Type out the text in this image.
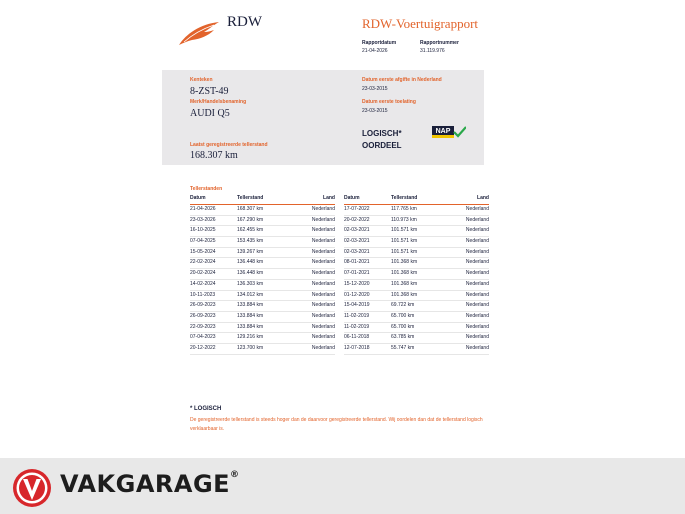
RDW	RDW-Voertuigrapport
Rapportdatum
21-04-2026
Rapportnummer
31.119.976
Kenteken
8-ZST-49
Merk/Handelsbenaming
AUDI Q5
Laatst geregistreerde tellerstand
168.307 km
Datum eerste afgifte in Nederland
23-03-2015
Datum eerste toelating
23-03-2015
LOGISCH*
OORDEEL
NAP
Tellerstanden
Datum	Tellerstand	Land
21-04-2026	168.307 km	Nederland
23-03-2026	167.290 km	Nederland
16-10-2025	162.455 km	Nederland
07-04-2025	153.435 km	Nederland
15-05-2024	139.267 km	Nederland
22-02-2024	136.448 km	Nederland
20-02-2024	136.448 km	Nederland
14-02-2024	136.303 km	Nederland
10-11-2023	134.012 km	Nederland
26-09-2023	133.884 km	Nederland
26-09-2023	133.884 km	Nederland
22-09-2023	133.884 km	Nederland
07-04-2023	129.216 km	Nederland
20-12-2022	123.700 km	Nederland
Datum	Tellerstand	Land
17-07-2022	117.765 km	Nederland
20-02-2022	110.973 km	Nederland
02-03-2021	101.571 km	Nederland
02-03-2021	101.571 km	Nederland
02-03-2021	101.571 km	Nederland
08-01-2021	101.368 km	Nederland
07-01-2021	101.368 km	Nederland
15-12-2020	101.368 km	Nederland
01-12-2020	101.368 km	Nederland
15-04-2019	69.722 km	Nederland
11-02-2019	65.700 km	Nederland
11-02-2019	65.700 km	Nederland
06-11-2018	63.785 km	Nederland
12-07-2018	55.747 km	Nederland
* LOGISCH
De geregistreerde tellerstand is steeds hoger dan de daarvoor geregistreerde tellerstand. Wij oordelen dan dat de tellerstand logisch verklaarbaar is.
VAKGARAGE®
